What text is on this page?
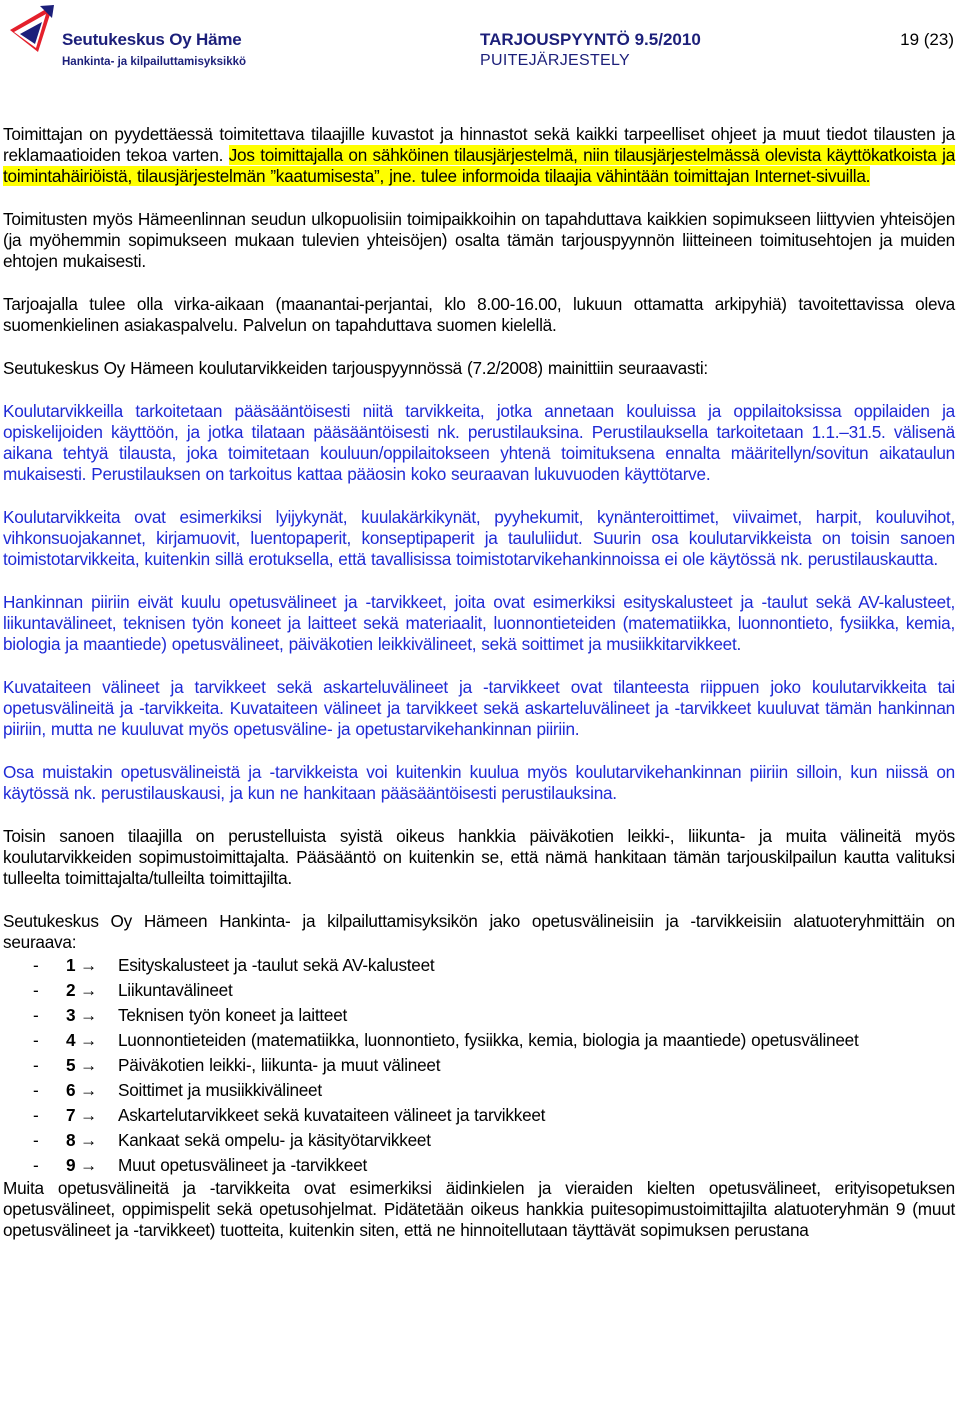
Seutukeskus Oy Häme
Hankinta- ja kilpailuttamisyksikkö
TARJOUSPYYNTÖ 9.5/2010
PUITEJÄRJESTELY
19 (23)

Toimittajan on pyydettäessä toimitettava tilaajille kuvastot ja hinnastot sekä kaikki tarpeelliset ohjeet ja muut tiedot tilausten ja reklamaatioiden tekoa varten. Jos toimittajalla on sähköinen tilausjärjestelmä, niin tilausjärjestelmässä olevista käyttökatkoista ja toimintahäiriöistä, tilausjärjestelmän ”kaatumisesta”, jne. tulee informoida tilaajia vähintään toimittajan Internet-sivuilla.

Toimitusten myös Hämeenlinnan seudun ulkopuolisiin toimipaikkoihin on tapahduttava kaikkien sopimukseen liittyvien yhteisöjen (ja myöhemmin sopimukseen mukaan tulevien yhteisöjen) osalta tämän tarjouspyynnön liitteineen toimitusehtojen ja muiden ehtojen mukaisesti.

Tarjoajalla tulee olla virka-aikaan (maanantai-perjantai, klo 8.00-16.00, lukuun ottamatta arkipyhiä) tavoitettavissa oleva suomenkielinen asiakaspalvelu. Palvelun on tapahduttava suomen kielellä.

Seutukeskus Oy Hämeen koulutarvikkeiden tarjouspyynnössä (7.2/2008) mainittiin seuraavasti:

Koulutarvikkeilla tarkoitetaan pääsääntöisesti niitä tarvikkeita, jotka annetaan kouluissa ja oppilaitoksissa oppilaiden ja opiskelijoiden käyttöön, ja jotka tilataan pääsääntöisesti nk. perustilauksina. Perustilauksella tarkoitetaan 1.1.–31.5. välisenä aikana tehtyä tilausta, joka toimitetaan kouluun/oppilaitokseen yhtenä toimituksena ennalta määritellyn/sovitun aikataulun mukaisesti. Perustilauksen on tarkoitus kattaa pääosin koko seuraavan lukuvuoden käyttötarve.

Koulutarvikkeita ovat esimerkiksi lyijykynät, kuulakärkikynät, pyyhekumit, kynänteroittimet, viivaimet, harpit, kouluvihot, vihkonsuojakannet, kirjamuovit, luentopaperit, konseptipaperit ja taululiidut. Suurin osa koulutarvikkeista on toisin sanoen toimistotarvikkeita, kuitenkin sillä erotuksella, että tavallisissa toimistotarvikehankinnoissa ei ole käytössä nk. perustilauskautta.

Hankinnan piiriin eivät kuulu opetusvälineet ja -tarvikkeet, joita ovat esimerkiksi esityskalusteet ja -taulut sekä AV-kalusteet, liikuntavälineet, teknisen työn koneet ja laitteet sekä materiaalit, luonnontieteiden (matematiikka, luonnontieto, fysiikka, kemia, biologia ja maantiede) opetusvälineet, päiväkotien leikkivälineet, sekä soittimet ja musiikkitarvikkeet.

Kuvataiteen välineet ja tarvikkeet sekä askarteluvälineet ja -tarvikkeet ovat tilanteesta riippuen joko koulutarvikkeita tai opetusvälineitä ja -tarvikkeita. Kuvataiteen välineet ja tarvikkeet sekä askarteluvälineet ja -tarvikkeet kuuluvat tämän hankinnan piiriin, mutta ne kuuluvat myös opetusväline- ja opetustarvikehankinnan piiriin.

Osa muistakin opetusvälineistä ja -tarvikkeista voi kuitenkin kuulua myös koulutarvikehankinnan piiriin silloin, kun niissä on käytössä nk. perustilauskausi, ja kun ne hankitaan pääsääntöisesti perustilauksina.

Toisin sanoen tilaajilla on perustelluista syistä oikeus hankkia päiväkotien leikki-, liikunta- ja muita välineitä myös koulutarvikkeiden sopimustoimittajalta. Pääsääntö on kuitenkin se, että nämä hankitaan tämän tarjouskilpailun kautta valituksi tulleelta toimittajalta/tulleilta toimittajilta.

Seutukeskus Oy Hämeen Hankinta- ja kilpailuttamisyksikön jako opetusvälineisiin ja -tarvikkeisiin alatuoteryhmittäin on seuraava:

-	1 →	Esityskalusteet ja -taulut sekä AV-kalusteet
-	2 →	Liikuntavälineet
-	3 →	Teknisen työn koneet ja laitteet
-	4 →	Luonnontieteiden (matematiikka, luonnontieto, fysiikka, kemia, biologia ja maantiede) opetusvälineet
-	5 →	Päiväkotien leikki-, liikunta- ja muut välineet
-	6 →	Soittimet ja musiikkivälineet
-	7 →	Askartelutarvikkeet sekä kuvataiteen välineet ja tarvikkeet
-	8 →	Kankaat sekä ompelu- ja käsityötarvikkeet
-	9 →	Muut opetusvälineet ja -tarvikkeet

Muita opetusvälineitä ja -tarvikkeita ovat esimerkiksi äidinkielen ja vieraiden kielten opetusvälineet, erityisopetuksen opetusvälineet, oppimispelit sekä opetusohjelmat. Pidätetään oikeus hankkia puitesopimustoimittajilta alatuoteryhmän 9 (muut opetusvälineet ja -tarvikkeet) tuotteita, kuitenkin siten, että ne hinnoitellutaan täyttävät sopimuksen perustana
